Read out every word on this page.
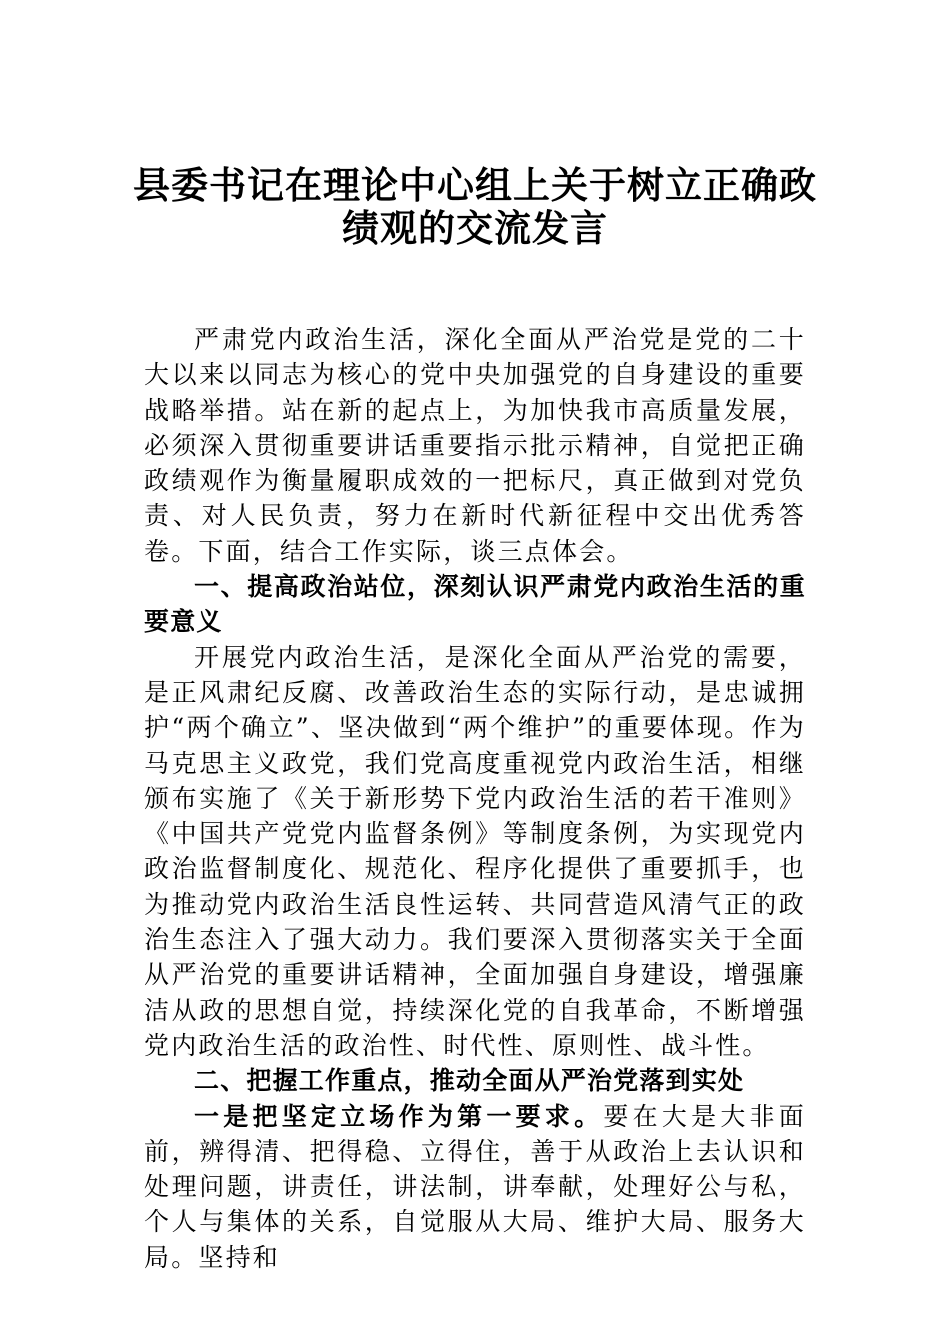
县委书记在理论中心组上关于树立正确政
绩观的交流发言

严肃党内政治生活，深化全面从严治党是党的二十大以来以同志为核心的党中央加强党的自身建设的重要战略举措。站在新的起点上，为加快我市高质量发展，必须深入贯彻重要讲话重要指示批示精神，自觉把正确政绩观作为衡量履职成效的一把标尺，真正做到对党负责、对人民负责，努力在新时代新征程中交出优秀答卷。下面，结合工作实际，谈三点体会。

一、提高政治站位，深刻认识严肃党内政治生活的重要意义

开展党内政治生活，是深化全面从严治党的需要，是正风肃纪反腐、改善政治生态的实际行动，是忠诚拥护“两个确立”、坚决做到“两个维护”的重要体现。作为马克思主义政党，我们党高度重视党内政治生活，相继颁布实施了《关于新形势下党内政治生活的若干准则》《中国共产党党内监督条例》等制度条例，为实现党内政治监督制度化、规范化、程序化提供了重要抓手，也为推动党内政治生活良性运转、共同营造风清气正的政治生态注入了强大动力。我们要深入贯彻落实关于全面从严治党的重要讲话精神，全面加强自身建设，增强廉洁从政的思想自觉，持续深化党的自我革命，不断增强党内政治生活的政治性、时代性、原则性、战斗性。

二、把握工作重点，推动全面从严治党落到实处

一是把坚定立场作为第一要求。要在大是大非面前，辨得清、把得稳、立得住，善于从政治上去认识和处理问题，讲责任，讲法制，讲奉献，处理好公与私，个人与集体的关系，自觉服从大局、维护大局、服务大局。坚持和
